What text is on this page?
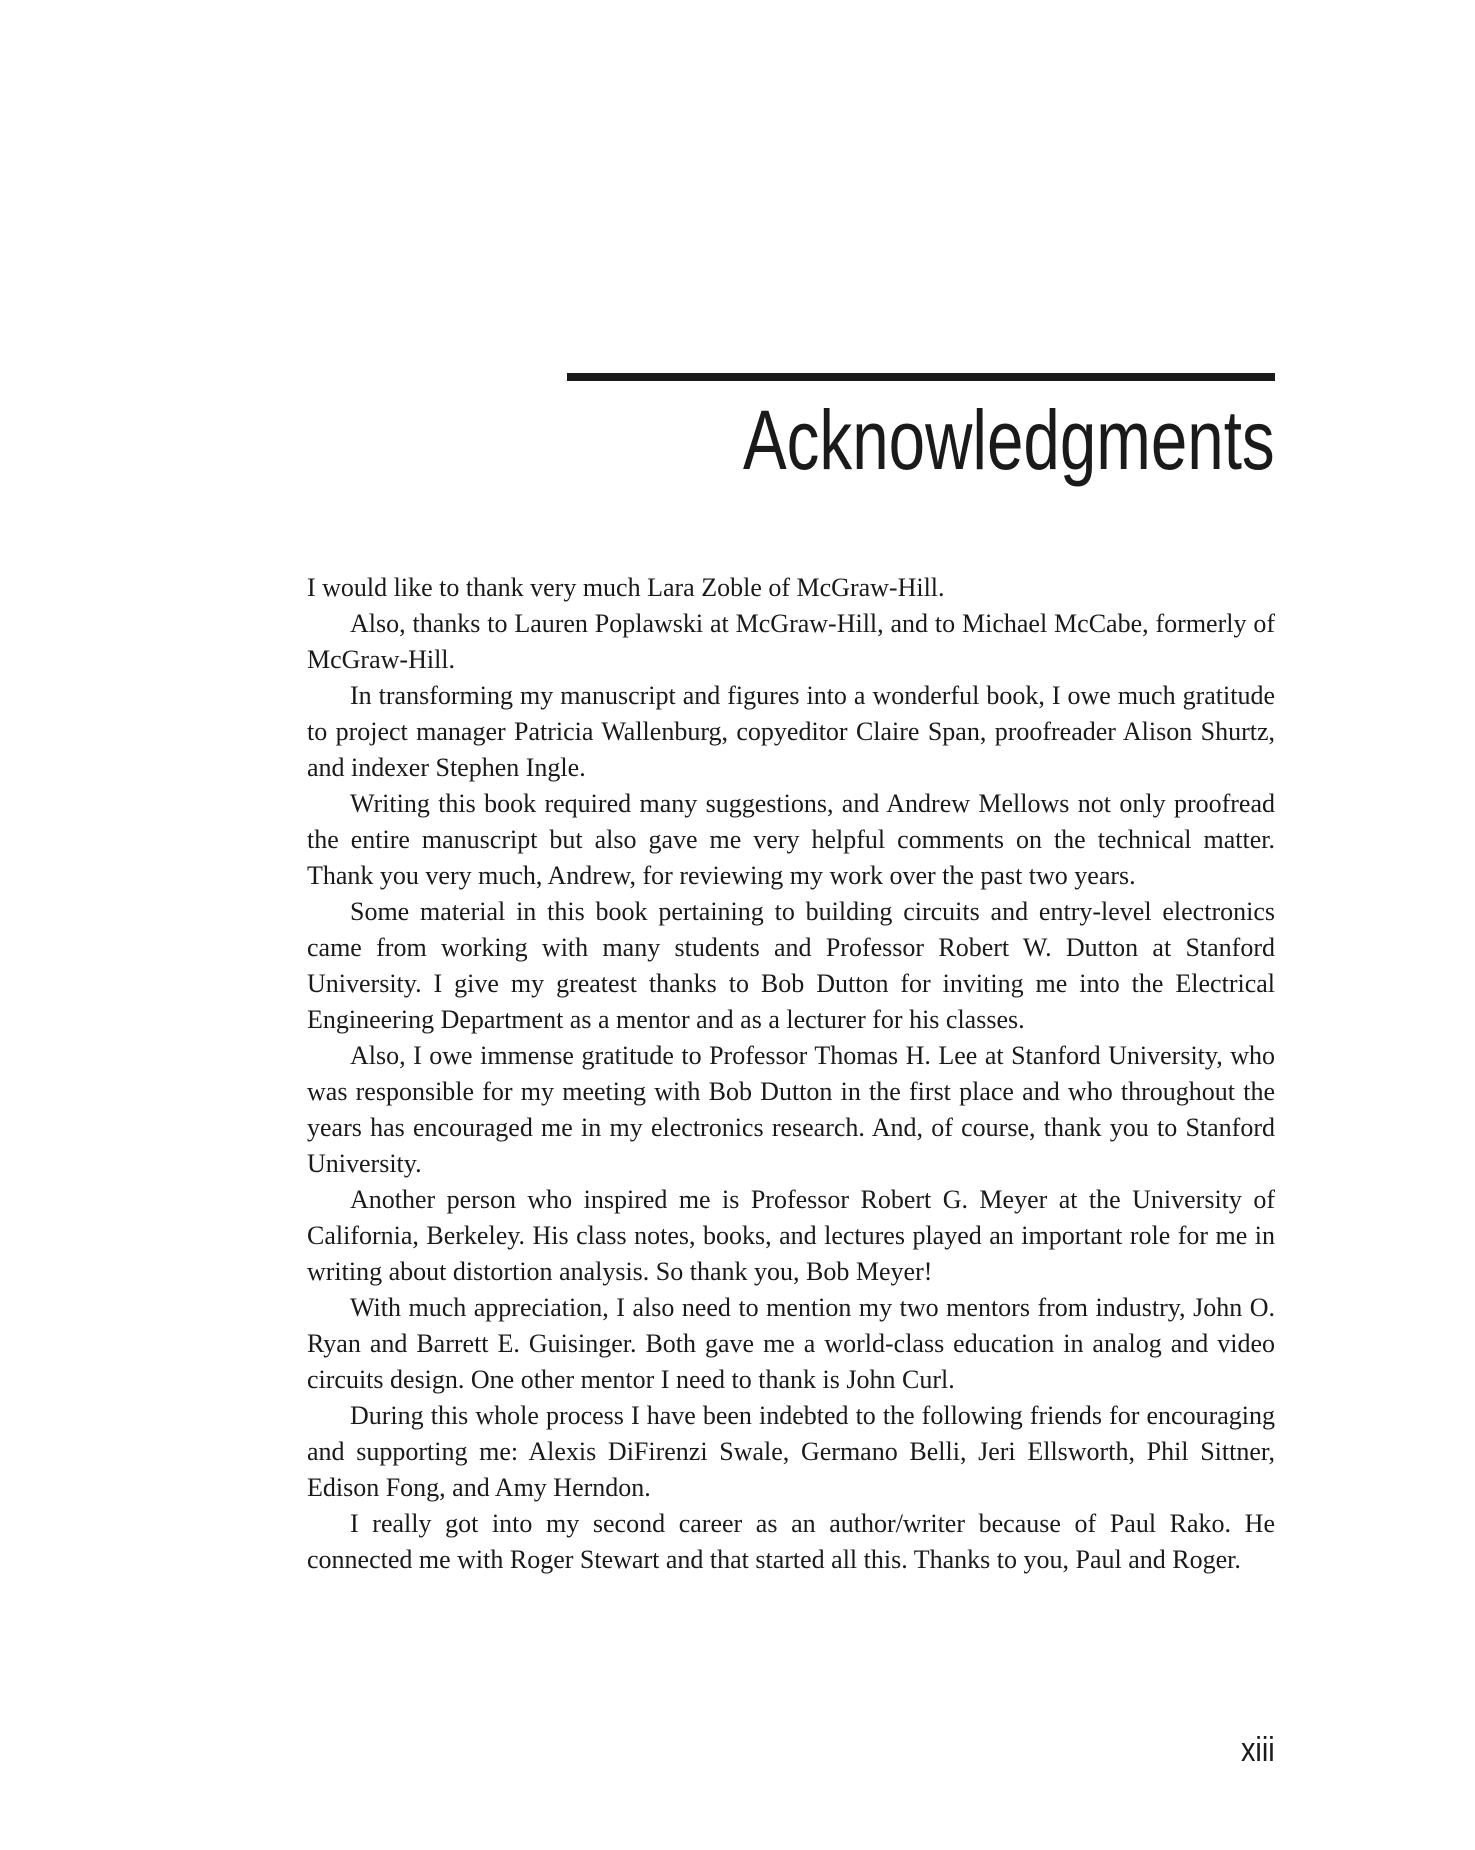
Acknowledgments

I would like to thank very much Lara Zoble of McGraw-Hill.

Also, thanks to Lauren Poplawski at McGraw-Hill, and to Michael McCabe, formerly of McGraw-Hill.

In transforming my manuscript and figures into a wonderful book, I owe much gratitude to project manager Patricia Wallenburg, copyeditor Claire Span, proofreader Alison Shurtz, and indexer Stephen Ingle.

Writing this book required many suggestions, and Andrew Mellows not only proofread the entire manuscript but also gave me very helpful comments on the technical matter. Thank you very much, Andrew, for reviewing my work over the past two years.

Some material in this book pertaining to building circuits and entry-level electronics came from working with many students and Professor Robert W. Dutton at Stanford University. I give my greatest thanks to Bob Dutton for inviting me into the Electrical Engineering Department as a mentor and as a lecturer for his classes.

Also, I owe immense gratitude to Professor Thomas H. Lee at Stanford University, who was responsible for my meeting with Bob Dutton in the first place and who throughout the years has encouraged me in my electronics research. And, of course, thank you to Stanford University.

Another person who inspired me is Professor Robert G. Meyer at the University of California, Berkeley. His class notes, books, and lectures played an important role for me in writing about distortion analysis. So thank you, Bob Meyer!

With much appreciation, I also need to mention my two mentors from industry, John O. Ryan and Barrett E. Guisinger. Both gave me a world-class education in analog and video circuits design. One other mentor I need to thank is John Curl.

During this whole process I have been indebted to the following friends for encouraging and supporting me: Alexis DiFirenzi Swale, Germano Belli, Jeri Ellsworth, Phil Sittner, Edison Fong, and Amy Herndon.

I really got into my second career as an author/writer because of Paul Rako. He connected me with Roger Stewart and that started all this. Thanks to you, Paul and Roger.

xiii
